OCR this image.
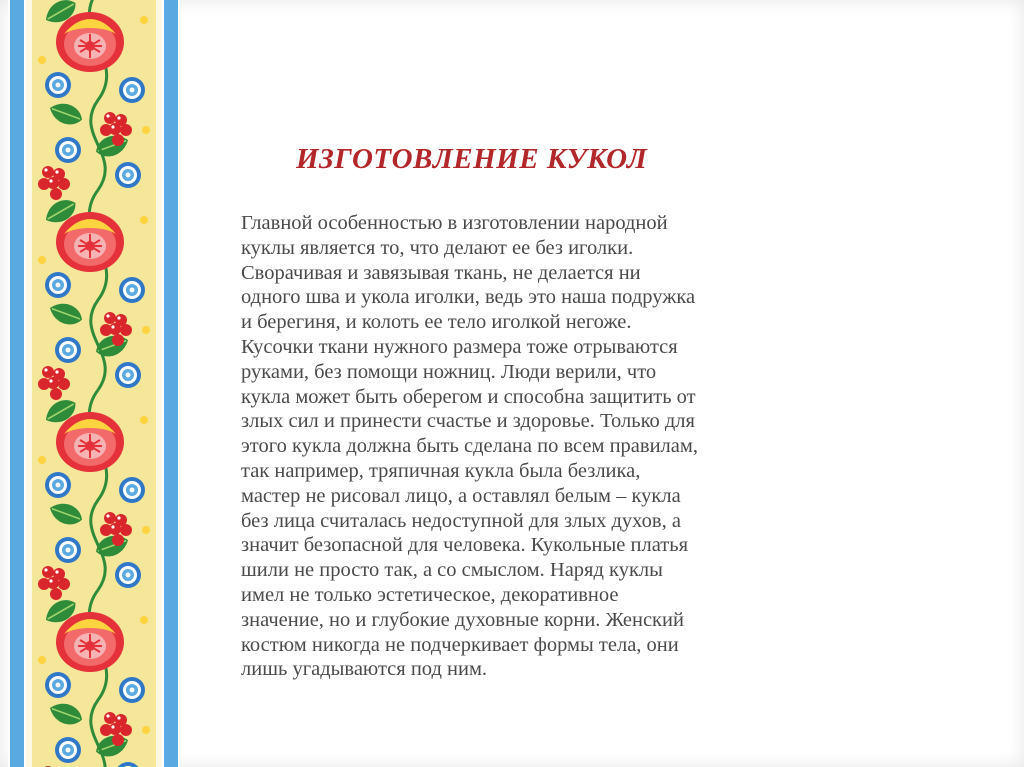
ИЗГОТОВЛЕНИЕ КУКОЛ
Главной особенностью в изготовлении народной
куклы является то, что делают ее без иголки.
Сворачивая и завязывая ткань, не делается ни
одного шва и укола иголки, ведь это наша подружка
и берегиня, и колоть ее тело иголкой негоже.
Кусочки ткани нужного размера тоже отрываются
руками, без помощи ножниц. Люди верили, что
кукла может быть оберегом и способна защитить от
злых сил и принести счастье и здоровье. Только для
этого кукла должна быть сделана по всем правилам,
так например, тряпичная кукла была безлика,
мастер не рисовал лицо, а оставлял белым – кукла
без лица считалась недоступной для злых духов, а
значит безопасной для человека. Кукольные платья
шили не просто так, а со смыслом. Наряд куклы
имел не только эстетическое, декоративное
значение, но и глубокие духовные корни. Женский
костюм никогда не подчеркивает формы тела, они
лишь угадываются под ним.
